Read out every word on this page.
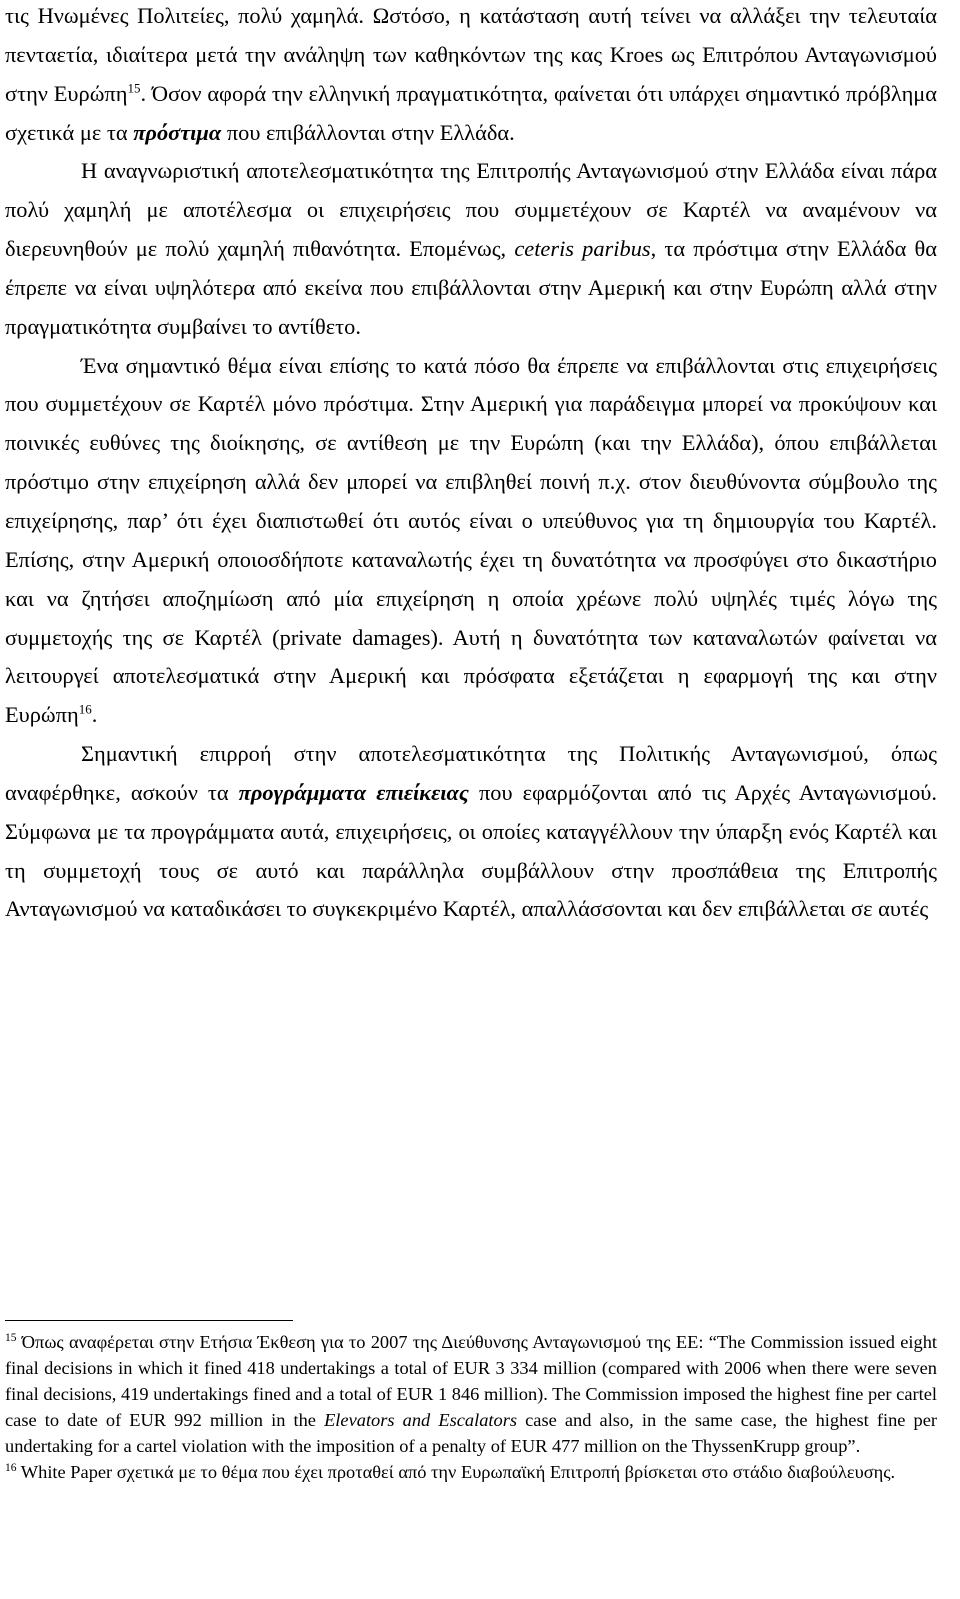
τις Ηνωμένες Πολιτείες, πολύ χαμηλά. Ωστόσο, η κατάσταση αυτή τείνει να αλλάξει την τελευταία πενταετία, ιδιαίτερα μετά την ανάληψη των καθηκόντων της κας Kroes ως Επιτρόπου Ανταγωνισμού στην Ευρώπη$^{15}$. Όσον αφορά την ελληνική πραγματικότητα, φαίνεται ότι υπάρχει σημαντικό πρόβλημα σχετικά με τα πρόστιμα που επιβάλλονται στην Ελλάδα.

Η αναγνωριστική αποτελεσματικότητα της Επιτροπής Ανταγωνισμού στην Ελλάδα είναι πάρα πολύ χαμηλή με αποτέλεσμα οι επιχειρήσεις που συμμετέχουν σε Καρτέλ να αναμένουν να διερευνηθούν με πολύ χαμηλή πιθανότητα. Επομένως, ceteris paribus, τα πρόστιμα στην Ελλάδα θα έπρεπε να είναι υψηλότερα από εκείνα που επιβάλλονται στην Αμερική και στην Ευρώπη αλλά στην πραγματικότητα συμβαίνει το αντίθετο.

Ένα σημαντικό θέμα είναι επίσης το κατά πόσο θα έπρεπε να επιβάλλονται στις επιχειρήσεις που συμμετέχουν σε Καρτέλ μόνο πρόστιμα. Στην Αμερική για παράδειγμα μπορεί να προκύψουν και ποινικές ευθύνες της διοίκησης, σε αντίθεση με την Ευρώπη (και την Ελλάδα), όπου επιβάλλεται πρόστιμο στην επιχείρηση αλλά δεν μπορεί να επιβληθεί ποινή π.χ. στον διευθύνοντα σύμβουλο της επιχείρησης, παρ’ ότι έχει διαπιστωθεί ότι αυτός είναι ο υπεύθυνος για τη δημιουργία του Καρτέλ. Επίσης, στην Αμερική οποιοσδήποτε καταναλωτής έχει τη δυνατότητα να προσφύγει στο δικαστήριο και να ζητήσει αποζημίωση από μία επιχείρηση η οποία χρέωνε πολύ υψηλές τιμές λόγω της συμμετοχής της σε Καρτέλ (private damages). Αυτή η δυνατότητα των καταναλωτών φαίνεται να λειτουργεί αποτελεσματικά στην Αμερική και πρόσφατα εξετάζεται η εφαρμογή της και στην Ευρώπη$^{16}$.

Σημαντική επιρροή στην αποτελεσματικότητα της Πολιτικής Ανταγωνισμού, όπως αναφέρθηκε, ασκούν τα προγράμματα επιείκειας που εφαρμόζονται από τις Αρχές Ανταγωνισμού. Σύμφωνα με τα προγράμματα αυτά, επιχειρήσεις, οι οποίες καταγγέλλουν την ύπαρξη ενός Καρτέλ και τη συμμετοχή τους σε αυτό και παράλληλα συμβάλλουν στην προσπάθεια της Επιτροπής Ανταγωνισμού να καταδικάσει το συγκεκριμένο Καρτέλ, απαλλάσσονται και δεν επιβάλλεται σε αυτές

$^{15}$ Όπως αναφέρεται στην Ετήσια Έκθεση για το 2007 της Διεύθυνσης Ανταγωνισμού της ΕΕ: “The Commission issued eight final decisions in which it fined 418 undertakings a total of EUR 3 334 million (compared with 2006 when there were seven final decisions, 419 undertakings fined and a total of EUR 1 846 million). The Commission imposed the highest fine per cartel case to date of EUR 992 million in the Elevators and Escalators case and also, in the same case, the highest fine per undertaking for a cartel violation with the imposition of a penalty of EUR 477 million on the ThyssenKrupp group”.

$^{16}$ White Paper σχετικά με το θέμα που έχει προταθεί από την Ευρωπαϊκή Επιτροπή βρίσκεται στο στάδιο διαβούλευσης.
